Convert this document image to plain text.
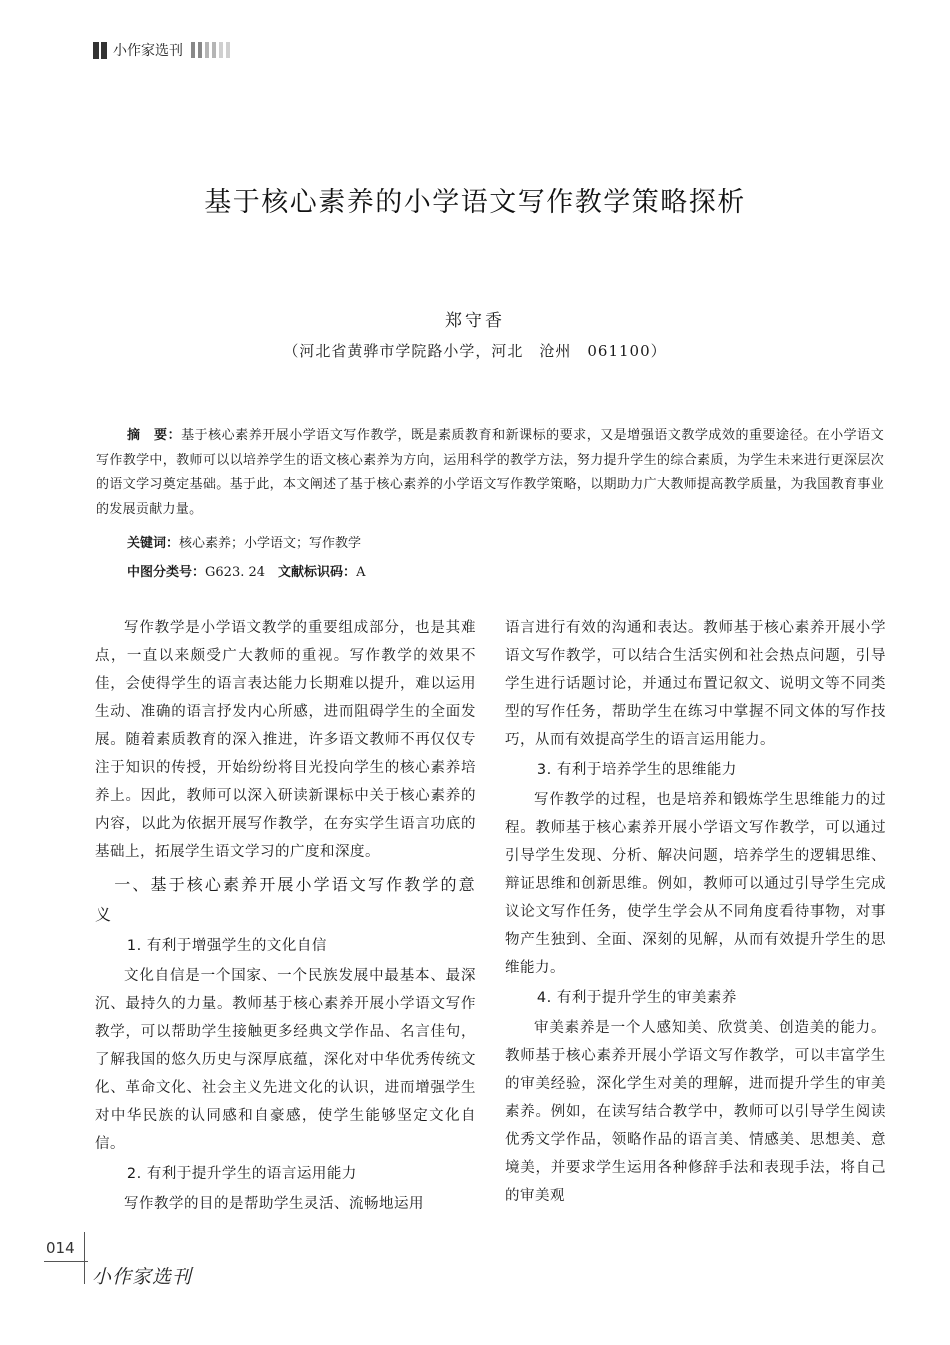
小作家选刊
基于核心素养的小学语文写作教学策略探析
郑守香
（河北省黄骅市学院路小学，河北　沧州　061100）
摘　要：基于核心素养开展小学语文写作教学，既是素质教育和新课标的要求，又是增强语文教学成效的重要途径。在小学语文写作教学中，教师可以以培养学生的语文核心素养为方向，运用科学的教学方法，努力提升学生的综合素质，为学生未来进行更深层次的语文学习奠定基础。基于此，本文阐述了基于核心素养的小学语文写作教学策略，以期助力广大教师提高教学质量，为我国教育事业的发展贡献力量。
关键词：核心素养；小学语文；写作教学
中图分类号：G623. 24　 文献标识码：A

写作教学是小学语文教学的重要组成部分，也是其难点，一直以来颇受广大教师的重视。写作教学的效果不佳，会使得学生的语言表达能力长期难以提升，难以运用生动、准确的语言抒发内心所感，进而阻碍学生的全面发展。随着素质教育的深入推进，许多语文教师不再仅仅专注于知识的传授，开始纷纷将目光投向学生的核心素养培养上。因此，教师可以深入研读新课标中关于核心素养的内容，以此为依据开展写作教学，在夯实学生语言功底的基础上，拓展学生语文学习的广度和深度。

一、基于核心素养开展小学语文写作教学的意义
1. 有利于增强学生的文化自信

文化自信是一个国家、一个民族发展中最基本、最深沉、最持久的力量。教师基于核心素养开展小学语文写作教学，可以帮助学生接触更多经典文学作品、名言佳句，了解我国的悠久历史与深厚底蕴，深化对中华优秀传统文化、革命文化、社会主义先进文化的认识，进而增强学生对中华民族的认同感和自豪感，使学生能够坚定文化自信。

2. 有利于提升学生的语言运用能力

写作教学的目的是帮助学生灵活、流畅地运用

语言进行有效的沟通和表达。教师基于核心素养开展小学语文写作教学，可以结合生活实例和社会热点问题，引导学生进行话题讨论，并通过布置记叙文、说明文等不同类型的写作任务，帮助学生在练习中掌握不同文体的写作技巧，从而有效提高学生的语言运用能力。

3. 有利于培养学生的思维能力

写作教学的过程，也是培养和锻炼学生思维能力的过程。教师基于核心素养开展小学语文写作教学，可以通过引导学生发现、分析、解决问题，培养学生的逻辑思维、辩证思维和创新思维。例如，教师可以通过引导学生完成议论文写作任务，使学生学会从不同角度看待事物，对事物产生独到、全面、深刻的见解，从而有效提升学生的思维能力。

4. 有利于提升学生的审美素养

审美素养是一个人感知美、欣赏美、创造美的能力。教师基于核心素养开展小学语文写作教学，可以丰富学生的审美经验，深化学生对美的理解，进而提升学生的审美素养。例如，在读写结合教学中，教师可以引导学生阅读优秀文学作品，领略作品的语言美、情感美、思想美、意境美，并要求学生运用各种修辞手法和表现手法，将自己的审美观

014
小作家选刊
